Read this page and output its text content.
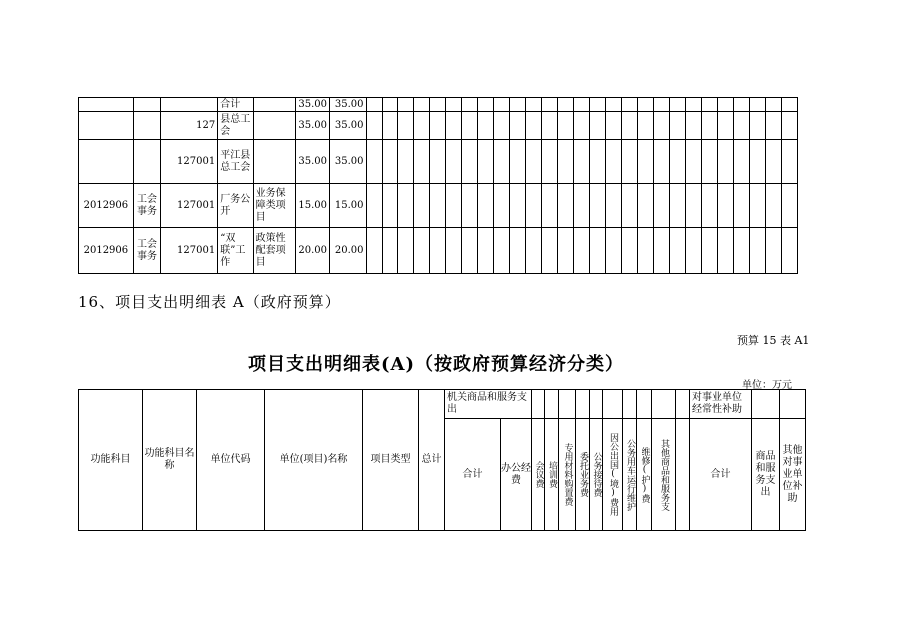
			合计		35.00	35.00																											
		127	县总工会		35.00	35.00																											
		127001	平江县总工会		35.00	35.00																											
2012906	工会事务	127001	厂务公开	业务保障类项目	15.00	15.00																											
2012906	工会事务	127001	“双联”工作	政策性配套项目	20.00	20.00																											
16、项目支出明细表 A（政府预算）
预算 15 表 A1
项目支出明细表(A)（按政府预算经济分类）
单位：万元
功能科目	功能科目名称	单位代码	单位(项目)名称	项目类型	总计	机关商品和服务支出												对事业单位经常性补助		
						合计	办公经费	会议费	培训费	专用材料购置费	委托业务费	公务接待费	因公出国(境)费用	公务用车运行维护	维修(护)费	其他商品和服务支		合计	商品和服务支出	其他对事业单位补助
